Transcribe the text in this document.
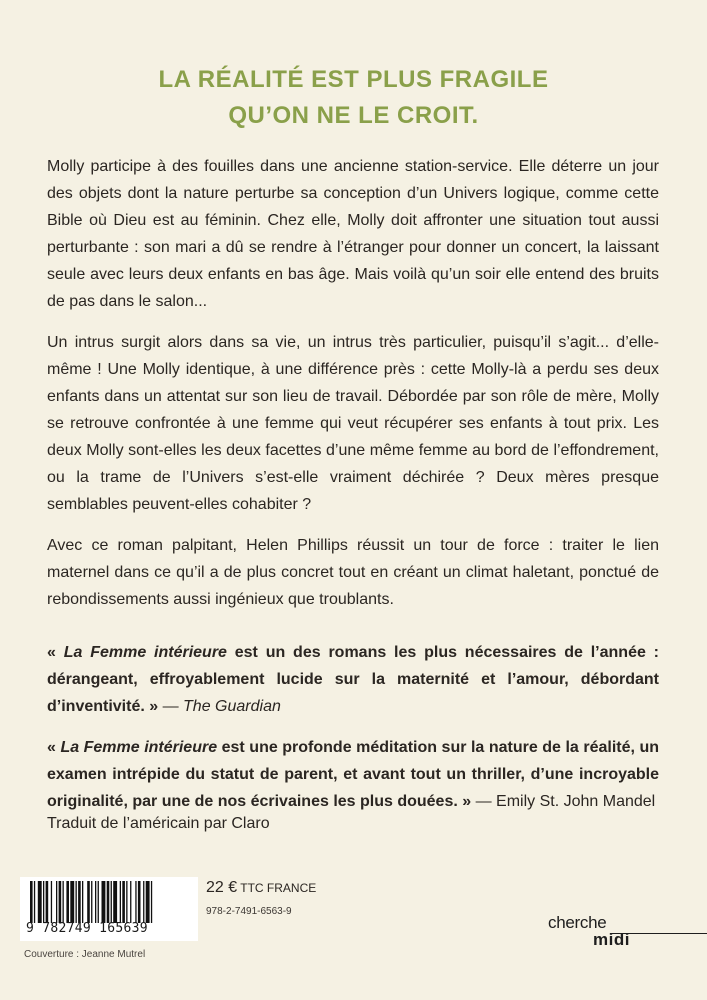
LA RÉALITÉ EST PLUS FRAGILE
QU’ON NE LE CROIT.

Molly participe à des fouilles dans une ancienne station-service. Elle déterre un jour des objets dont la nature perturbe sa conception d’un Univers logique, comme cette Bible où Dieu est au féminin. Chez elle, Molly doit affronter une situation tout aussi perturbante : son mari a dû se rendre à l’étranger pour donner un concert, la laissant seule avec leurs deux enfants en bas âge. Mais voilà qu’un soir elle entend des bruits de pas dans le salon...

Un intrus surgit alors dans sa vie, un intrus très particulier, puisqu’il s’agit... d’elle-même ! Une Molly identique, à une différence près : cette Molly-là a perdu ses deux enfants dans un attentat sur son lieu de travail. Débordée par son rôle de mère, Molly se retrouve confrontée à une femme qui veut récupérer ses enfants à tout prix. Les deux Molly sont-elles les deux facettes d’une même femme au bord de l’effondrement, ou la trame de l’Univers s’est-elle vraiment déchirée ? Deux mères presque semblables peuvent-elles cohabiter ?

Avec ce roman palpitant, Helen Phillips réussit un tour de force : traiter le lien maternel dans ce qu’il a de plus concret tout en créant un climat haletant, ponctué de rebondissements aussi ingénieux que troublants.

« La Femme intérieure est un des romans les plus nécessaires de l’année : dérangeant, effroyablement lucide sur la maternité et l’amour, débordant d’inventivité. » — The Guardian

« La Femme intérieure est une profonde méditation sur la nature de la réalité, un examen intrépide du statut de parent, et avant tout un thriller, d’une incroyable originalité, par une de nos écrivaines les plus douées. » — Emily St. John Mandel

Traduit de l’américain par Claro
9 782749 165639
Couverture : Jeanne Mutrel
22 € TTC FRANCE
978-2-7491-6563-9
cherche
midi
